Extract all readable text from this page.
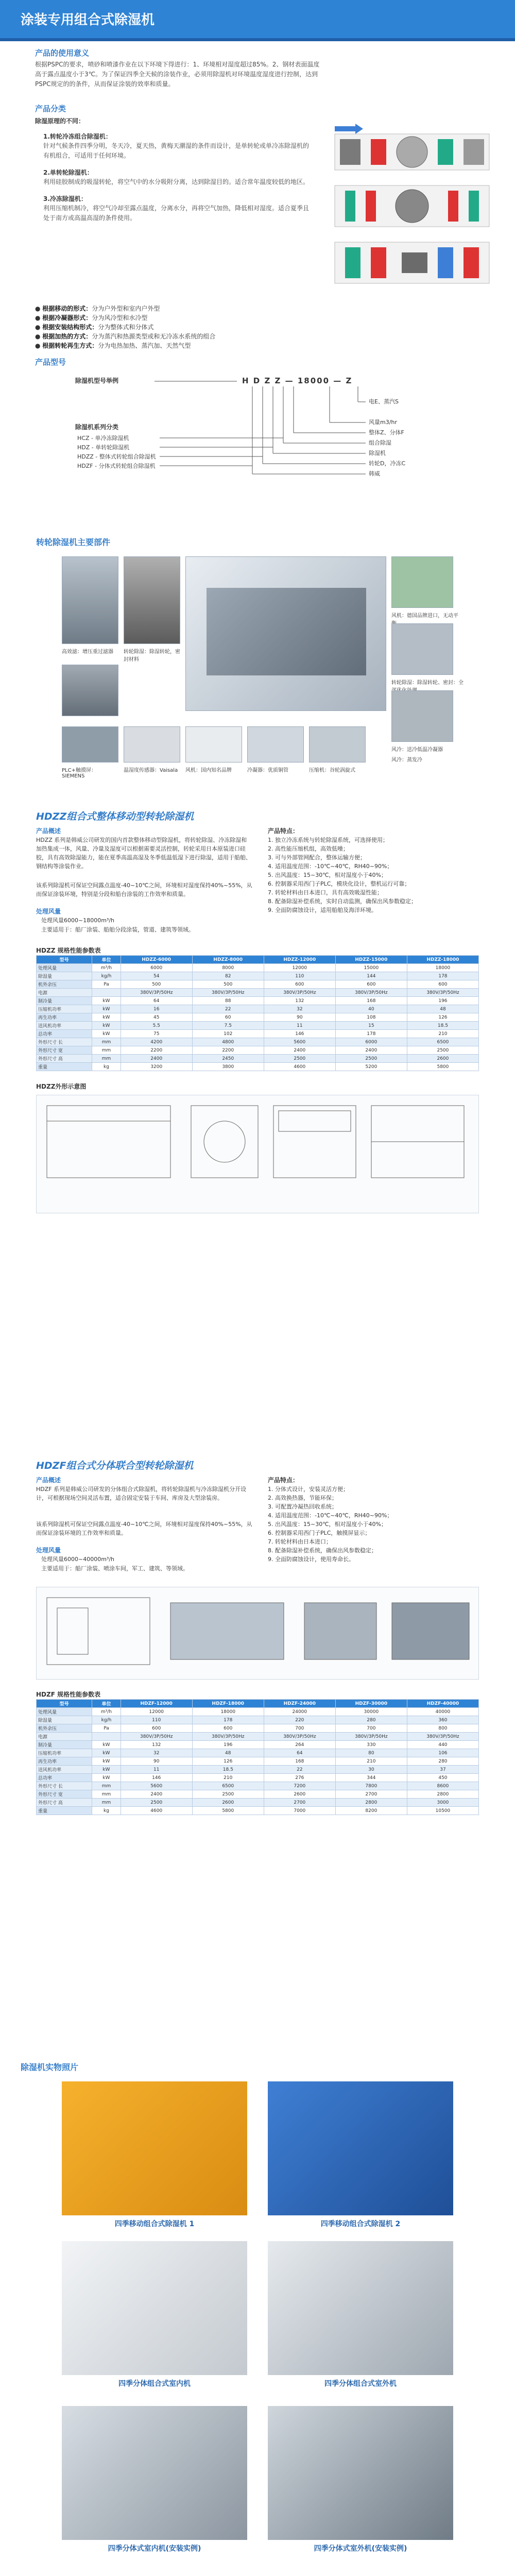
涂装专用组合式除湿机
产品的使用意义
根据PSPC的要求，喷砂和喷漆作业在以下环境下得进行：1、环境相对湿度超过85%。2、钢材表面温度高于露点温度小于3℃。为了保证四季全天候的涂装作业，必须用除湿机对环境温度湿度进行控制，达到PSPC规定的的条件，从而保证涂装的效率和质量。
产品分类
除湿原理的不同：
1.转轮冷冻组合除湿机：
针对气候条件四季分明，冬天冷，夏天热，黄梅天潮湿的条件而设计，是单转轮或单冷冻除湿机的有机组合，可适用于任何环境。
2.单转轮除湿机：
利用硅胶制成的吸湿转轮，将空气中的水分吸附分离，达到除湿目的。适合常年温度较低的地区。
3.冷冻除湿机：
利用压缩机制冷，将空气冷却至露点温度，分离水分，再将空气加热，降低相对湿度。适合夏季且处于南方或高温高湿的条件使用。
● 根据移动的形式：分为户外型和室内户外型
● 根据冷凝器形式：分为风冷型和水冷型
● 根据安装结构形式：分为整体式和分体式
● 根据加热的方式：分为蒸汽和热源类型或和无冷冻水系统的组合
● 根据转轮再生方式：分为电热加热、蒸汽加、天然气型
产品型号
除湿机型号举例	H D Z Z — 18000 — Z
除湿机系列分类
HCZ - 单冷冻除湿机
HDZ - 单转轮除湿机
HDZZ - 整体式转轮组合除湿机
HDZF - 分体式转轮组合除湿机
电E、蒸汽S
风量m3/hr
整体Z、分体F
组合除湿
除湿机
转轮D，冷冻C
韩威
转轮除湿机主要部件
高效滤：增压重过滤器 转轮除湿：除湿转轮，密封材料
风机：德国品牌进口，无动平
转轮除湿：除湿转轮、密封：全
PLC+触摸屏：SIEMENS
温湿度传感器：Vaisala	风机：国内知名品牌	冷凝器：优质铜管	压缩机：谷轮涡旋式
风冷：送冷低温冷凝器
风冷：蒸发冷
HDZZ组合式整体移动型转轮除湿机
产品概述
HDZZ 系列是韩威公司研发的国内首款整体移动型除湿机，将转轮除湿、冷冻除湿和加热集成一体，风量、冷量及湿度可以根据需要灵活控制，转轮采用日本原装进口硅胶，具有高效除湿能力，能在夏季高温高湿及冬季低温低湿下进行除湿，适用于船舶、钢结构等涂装作业。
该系列除湿机可保证空间露点温度-40~10℃之间，环境相对湿度保持40%~55%，从而保证涂装环境，特别是分段和船台涂装的工作效率和质量。
处理风量
处理风量6000~18000m³/h
主要适用于：船厂涂装、船舶分段涂装，管道、建筑等领域。
产品特点：
1. 独立冷冻系统与转轮除湿系统，可选择使用；
2. 高性能压缩机组，高效低噪；
3. 可与外部管网配合，整体运输方便；
4. 适用温度范围：-10℃~40℃，RH40~90%；
5. 出风温度：15~30℃，相对湿度小于40%；
6. 控制器采用西门子PLC，模块化设计，整机运行可靠；
7. 转轮材料由日本进口，具有高效吸湿性能；
8. 配备除湿补偿系统，实时自动监测，确保出风参数稳定；
9. 全面防腐蚀设计，适用船舶及海洋环境。
HDZZ 规格性能参数表
型号	单位	HDZZ-6000	HDZZ-8000	HDZZ-12000	HDZZ-15000	HDZZ-18000
处理风量	m³/h	6000	8000	12000	15000	18000
除湿量	kg/h	54	82	110	144	178
机外余压	Pa	500	500	600	600	600
电源		380V/3P/50Hz	380V/3P/50Hz	380V/3P/50Hz	380V/3P/50Hz	380V/3P/50Hz
制冷量	kW	64	88	132	168	196
压缩机功率	kW	16	22	32	40	48
再生功率	kW	45	60	90	108	126
送风机功率	kW	5.5	7.5	11	15	18.5
总功率	kW	75	102	146	178	210
外形尺寸 长	mm	4200	4800	5600	6000	6500
外形尺寸 宽	mm	2200	2200	2400	2400	2500
外形尺寸 高	mm	2400	2450	2500	2500	2600
重量	kg	3200	3800	4600	5200	5800
HDZZ外形示意图
HDZF组合式分体联合型转轮除湿机
产品概述
HDZF 系列是韩威公司研发的分体组合式除湿机，将转轮除湿机与冷冻除湿机分开设计，可根据现场空间灵活布置，适合固定安装于车间、库房及大型涂装房。
该系列除湿机可保证空间露点温度-40~10℃之间，环境相对湿度保持40%~55%，从而保证涂装环境的工作效率和质量。
处理风量
处理风量6000~40000m³/h
主要适用于：船厂涂装、喷涂车间，军工、建筑、等领域。
产品特点：
1. 分体式设计，安装灵活方便；
2. 高效换热器，节能环保；
3. 可配置冷凝热回收系统；
4. 适用温度范围：-10℃~40℃，RH40~90%；
5. 出风温度：15~30℃，相对湿度小于40%；
6. 控制器采用西门子PLC，触摸屏显示；
7. 转轮材料由日本进口；
8. 配备除湿补偿系统，确保出风参数稳定；
9. 全面防腐蚀设计，使用寿命长。
HDZF 规格性能参数表
型号	单位	HDZF-12000	HDZF-18000	HDZF-24000	HDZF-30000	HDZF-40000
处理风量	m³/h	12000	18000	24000	30000	40000
除湿量	kg/h	110	178	220	280	360
机外余压	Pa	600	600	700	700	800
电源		380V/3P/50Hz	380V/3P/50Hz	380V/3P/50Hz	380V/3P/50Hz	380V/3P/50Hz
制冷量	kW	132	196	264	330	440
压缩机功率	kW	32	48	64	80	106
再生功率	kW	90	126	168	210	280
送风机功率	kW	11	18.5	22	30	37
总功率	kW	146	210	276	344	450
外形尺寸 长	mm	5600	6500	7200	7800	8600
外形尺寸 宽	mm	2400	2500	2600	2700	2800
外形尺寸 高	mm	2500	2600	2700	2800	3000
重量	kg	4600	5800	7000	8200	10500
除湿机实物照片
四季移动组合式除湿机 1	四季移动组合式除湿机 2
四季分体组合式室内机	四季分体组合式室外机
四季分体式室内机(安装实例)	四季分体式室外机(安装实例)
